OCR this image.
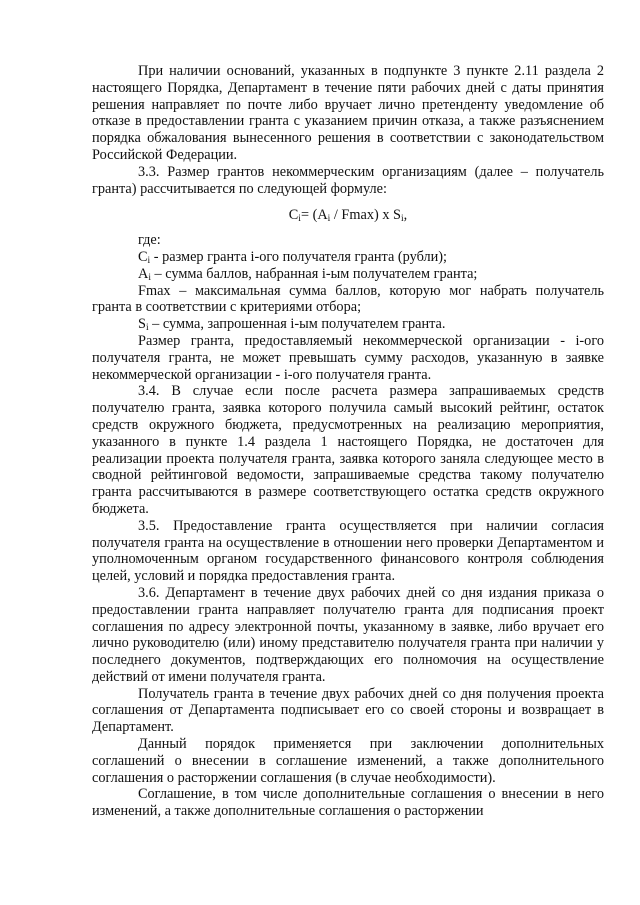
При наличии оснований, указанных в подпункте 3 пункте 2.11 раздела 2 настоящего Порядка, Департамент в течение пяти рабочих дней с даты принятия решения направляет по почте либо вручает лично претенденту уведомление об отказе в предоставлении гранта с указанием причин отказа, а также разъяснением порядка обжалования вынесенного решения в соответствии с законодательством Российской Федерации.

3.3. Размер грантов некоммерческим организациям (далее – получатель гранта) рассчитывается по следующей формуле:

$C_i= (A_i / Fmax)$ x $S_i$,

где:

$C_i$ - размер гранта i-ого получателя гранта (рубли);

$A_i$ – сумма баллов, набранная i-ым получателем гранта;

Fmax – максимальная сумма баллов, которую мог набрать получатель гранта в соответствии с критериями отбора;

$S_i$ – сумма, запрошенная i-ым получателем гранта.

Размер гранта, предоставляемый некоммерческой организации - i-ого получателя гранта, не может превышать сумму расходов, указанную в заявке некоммерческой организации - i-ого получателя гранта.

3.4. В случае если после расчета размера запрашиваемых средств получателю гранта, заявка которого получила самый высокий рейтинг, остаток средств окружного бюджета, предусмотренных на реализацию мероприятия, указанного в пункте 1.4 раздела 1 настоящего Порядка, не достаточен для реализации проекта получателя гранта, заявка которого заняла следующее место в сводной рейтинговой ведомости, запрашиваемые средства такому получателю гранта рассчитываются в размере соответствующего остатка средств окружного бюджета.

3.5. Предоставление гранта осуществляется при наличии согласия получателя гранта на осуществление в отношении него проверки Департаментом и уполномоченным органом государственного финансового контроля соблюдения целей, условий и порядка предоставления гранта.

3.6. Департамент в течение двух рабочих дней со дня издания приказа о предоставлении гранта направляет получателю гранта для подписания проект соглашения по адресу электронной почты, указанному в заявке, либо вручает его лично руководителю (или) иному представителю получателя гранта при наличии у последнего документов, подтверждающих его полномочия на осуществление действий от имени получателя гранта.

Получатель гранта в течение двух рабочих дней со дня получения проекта соглашения от Департамента подписывает его со своей стороны и возвращает в Департамент.

Данный порядок применяется при заключении дополнительных соглашений о внесении в соглашение изменений, а также дополнительного соглашения о расторжении соглашения (в случае необходимости).

Соглашение, в том числе дополнительные соглашения о внесении в него изменений, а также дополнительные соглашения о расторжении
